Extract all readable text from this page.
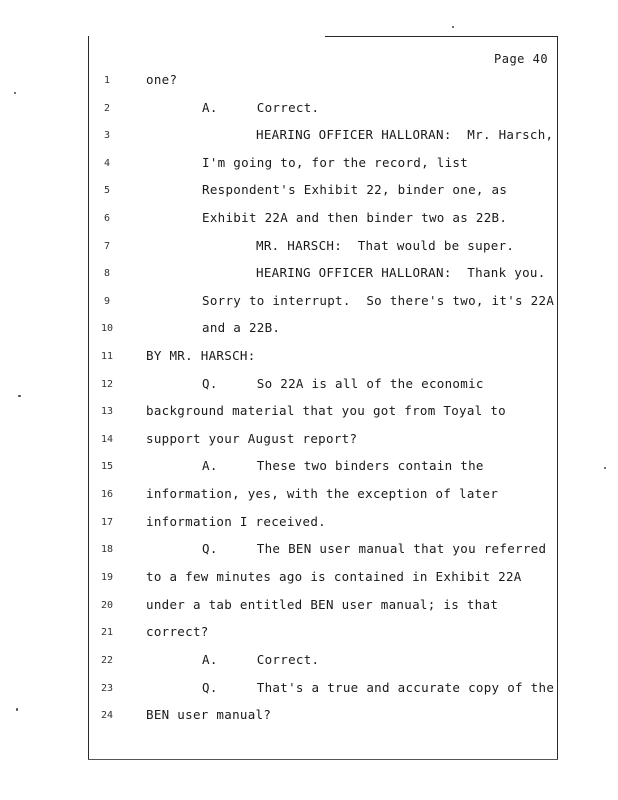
Page 40
1	one?
2	A.     Correct.
3	HEARING OFFICER HALLORAN:  Mr. Harsch,
4	I'm going to, for the record, list
5	Respondent's Exhibit 22, binder one, as
6	Exhibit 22A and then binder two as 22B.
7	MR. HARSCH:  That would be super.
8	HEARING OFFICER HALLORAN:  Thank you.
9	Sorry to interrupt.  So there's two, it's 22A
10	and a 22B.
11	BY MR. HARSCH:
12	Q.     So 22A is all of the economic
13	background material that you got from Toyal to
14	support your August report?
15	A.     These two binders contain the
16	information, yes, with the exception of later
17	information I received.
18	Q.     The BEN user manual that you referred
19	to a few minutes ago is contained in Exhibit 22A
20	under a tab entitled BEN user manual; is that
21	correct?
22	A.     Correct.
23	Q.     That's a true and accurate copy of the
24	BEN user manual?
